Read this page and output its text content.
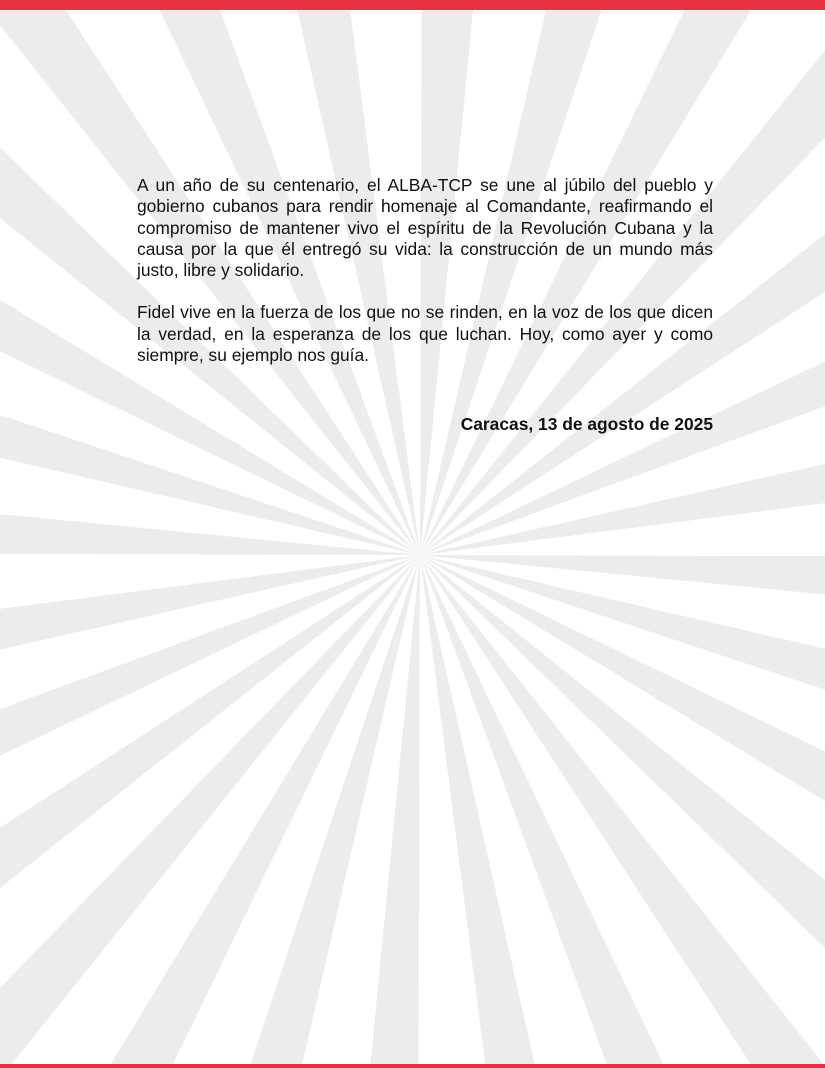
A un año de su centenario, el ALBA-TCP se une al júbilo del pueblo y gobierno cubanos para rendir homenaje al Comandante, reafirmando el compromiso de mantener vivo el espíritu de la Revolución Cubana y la causa por la que él entregó su vida: la construcción de un mundo más justo, libre y solidario.

Fidel vive en la fuerza de los que no se rinden, en la voz de los que dicen la verdad, en la esperanza de los que luchan. Hoy, como ayer y como siempre, su ejemplo nos guía.

Caracas, 13 de agosto de 2025
